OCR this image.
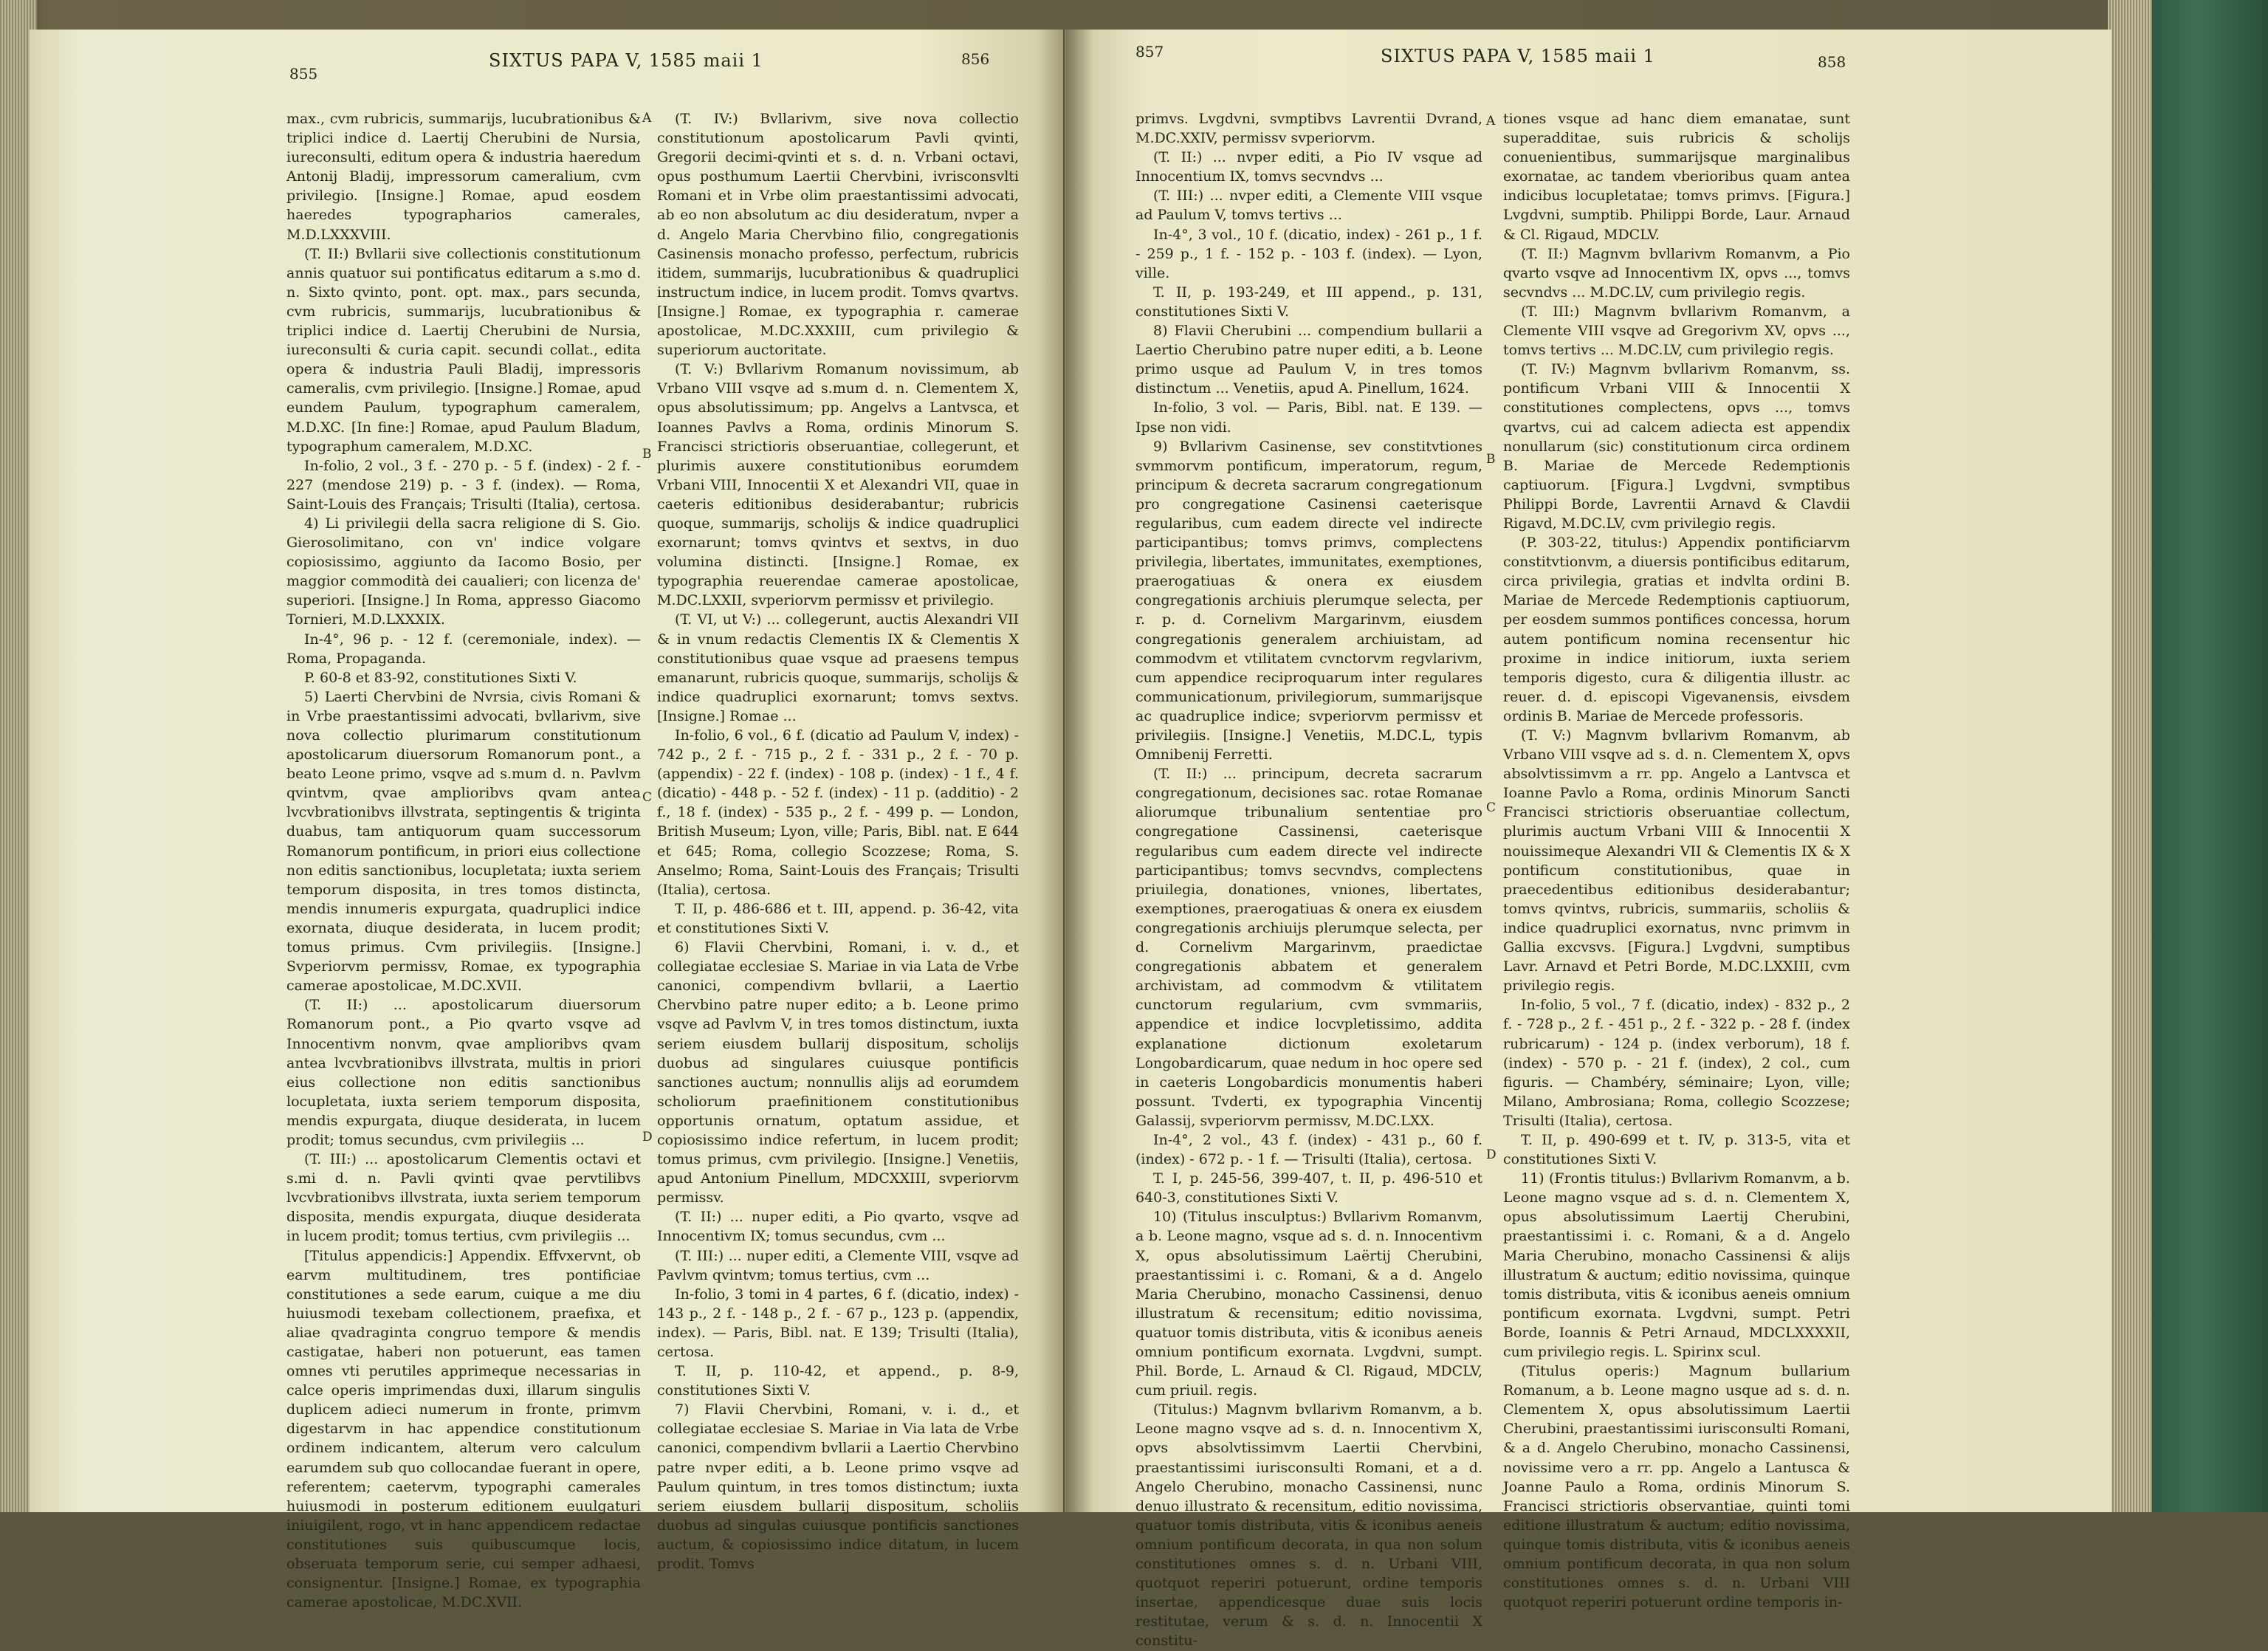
855
SIXTUS PAPA V, 1585 maii 1	856

max., cvm rubricis, summarijs, lucubrationibus & triplici indice d. Laertij Cherubini de Nursia, iureconsulti, editum opera & industria haeredum Antonij Bladij, impressorum cameralium, cvm privilegio. [Insigne.] Romae, apud eosdem haeredes typographarios camerales, M.D.LXXXVIII.

(T. II:) Bvllarii sive collectionis constitutionum annis quatuor sui pontificatus editarum a s.mo d. n. Sixto qvinto, pont. opt. max., pars secunda, cvm rubricis, summarijs, lucubrationibus & triplici indice d. Laertij Cherubini de Nursia, iureconsulti & curia capit. secundi collat., edita opera & industria Pauli Bladij, impressoris cameralis, cvm privilegio. [Insigne.] Romae, apud eundem Paulum, typographum cameralem, M.D.XC. [In fine:] Romae, apud Paulum Bladum, typographum cameralem, M.D.XC.

In-folio, 2 vol., 3 f. - 270 p. - 5 f. (index) - 2 f. - 227 (mendose 219) p. - 3 f. (index). — Roma, Saint-Louis des Français; Trisulti (Italia), certosa.

4) Li privilegii della sacra religione di S. Gio. Gierosolimitano, con vn' indice volgare copiosissimo, aggiunto da Iacomo Bosio, per maggior commodità dei caualieri; con licenza de' superiori. [Insigne.] In Roma, appresso Giacomo Tornieri, M.D.LXXXIX.

In-4°, 96 p. - 12 f. (ceremoniale, index). — Roma, Propaganda.

P. 60-8 et 83-92, constitutiones Sixti V.

5) Laerti Chervbini de Nvrsia, civis Romani & in Vrbe praestantissimi advocati, bvllarivm, sive nova collectio plurimarum constitutionum apostolicarum diuersorum Romanorum pont., a beato Leone primo, vsqve ad s.mum d. n. Pavlvm qvintvm, qvae amplioribvs qvam antea lvcvbrationibvs illvstrata, septingentis & triginta duabus, tam antiquorum quam successorum Romanorum pontificum, in priori eius collectione non editis sanctionibus, locupletata; iuxta seriem temporum disposita, in tres tomos distincta, mendis innumeris expurgata, quadruplici indice exornata, diuque desiderata, in lucem prodit; tomus primus. Cvm privilegiis. [Insigne.] Svperiorvm permissv, Romae, ex typographia camerae apostolicae, M.DC.XVII.

(T. II:) ... apostolicarum diuersorum Romanorum pont., a Pio qvarto vsqve ad Innocentivm nonvm, qvae amplioribvs qvam antea lvcvbrationibvs illvstrata, multis in priori eius collectione non editis sanctionibus locupletata, iuxta seriem temporum disposita, mendis expurgata, diuque desiderata, in lucem prodit; tomus secundus, cvm privilegiis ...

(T. III:) ... apostolicarum Clementis octavi et s.mi d. n. Pavli qvinti qvae pervtilibvs lvcvbrationibvs illvstrata, iuxta seriem temporum disposita, mendis expurgata, diuque desiderata in lucem prodit; tomus tertius, cvm privilegiis ...

[Titulus appendicis:] Appendix. Effvxervnt, ob earvm multitudinem, tres pontificiae constitutiones a sede earum, cuique a me diu huiusmodi texebam collectionem, praefixa, et aliae qvadraginta congruo tempore & mendis castigatae, haberi non potuerunt, eas tamen omnes vti perutiles apprimeque necessarias in calce operis imprimendas duxi, illarum singulis duplicem adieci numerum in fronte, primvm digestarvm in hac appendice constitutionum ordinem indicantem, alterum vero calculum earumdem sub quo collocandae fuerant in opere, referentem; caetervm, typographi camerales huiusmodi in posterum editionem euulgaturi iniuigilent, rogo, vt in hanc appendicem redactae constitutiones suis quibuscumque locis, obseruata temporum serie, cui semper adhaesi, consignentur. [Insigne.] Romae, ex typographia camerae apostolicae, M.DC.XVII.

(T. IV:) Bvllarivm, sive nova collectio constitutionum apostolicarum Pavli qvinti, Gregorii decimi-qvinti et s. d. n. Vrbani octavi, opus posthumum Laertii Chervbini, ivrisconsvlti Romani et in Vrbe olim praestantissimi advocati, ab eo non absolutum ac diu desideratum, nvper a d. Angelo Maria Chervbino filio, congregationis Casinensis monacho professo, perfectum, rubricis itidem, summarijs, lucubrationibus & quadruplici instructum indice, in lucem prodit. Tomvs qvartvs. [Insigne.] Romae, ex typographia r. camerae apostolicae, M.DC.XXXIII, cum privilegio & superiorum auctoritate.

(T. V:) Bvllarivm Romanum novissimum, ab Vrbano VIII vsqve ad s.mum d. n. Clementem X, opus absolutissimum; pp. Angelvs a Lantvsca, et Ioannes Pavlvs a Roma, ordinis Minorum S. Francisci strictioris obseruantiae, collegerunt, et plurimis auxere constitutionibus eorumdem Vrbani VIII, Innocentii X et Alexandri VII, quae in caeteris editionibus desiderabantur; rubricis quoque, summarijs, scholijs & indice quadruplici exornarunt; tomvs qvintvs et sextvs, in duo volumina distincti. [Insigne.] Romae, ex typographia reuerendae camerae apostolicae, M.DC.LXXII, svperiorvm permissv et privilegio.

(T. VI, ut V:) ... collegerunt, auctis Alexandri VII & in vnum redactis Clementis IX & Clementis X constitutionibus quae vsque ad praesens tempus emanarunt, rubricis quoque, summarijs, scholijs & indice quadruplici exornarunt; tomvs sextvs. [Insigne.] Romae ...

In-folio, 6 vol., 6 f. (dicatio ad Paulum V, index) - 742 p., 2 f. - 715 p., 2 f. - 331 p., 2 f. - 70 p. (appendix) - 22 f. (index) - 108 p. (index) - 1 f., 4 f. (dicatio) - 448 p. - 52 f. (index) - 11 p. (additio) - 2 f., 18 f. (index) - 535 p., 2 f. - 499 p. — London, British Museum; Lyon, ville; Paris, Bibl. nat. E 644 et 645; Roma, collegio Scozzese; Roma, S. Anselmo; Roma, Saint-Louis des Français; Trisulti (Italia), certosa.

T. II, p. 486-686 et t. III, append. p. 36-42, vita et constitutiones Sixti V.

6) Flavii Chervbini, Romani, i. v. d., et collegiatae ecclesiae S. Mariae in via Lata de Vrbe canonici, compendivm bvllarii, a Laertio Chervbino patre nuper edito; a b. Leone primo vsqve ad Pavlvm V, in tres tomos distinctum, iuxta seriem eiusdem bullarij dispositum, scholijs duobus ad singulares cuiusque pontificis sanctiones auctum; nonnullis alijs ad eorumdem scholiorum praefinitionem constitutionibus opportunis ornatum, optatum assidue, et copiosissimo indice refertum, in lucem prodit; tomus primus, cvm privilegio. [Insigne.] Venetiis, apud Antonium Pinellum, MDCXXIII, svperiorvm permissv.

(T. II:) ... nuper editi, a Pio qvarto, vsqve ad Innocentivm IX; tomus secundus, cvm ...

(T. III:) ... nuper editi, a Clemente VIII, vsqve ad Pavlvm qvintvm; tomus tertius, cvm ...

In-folio, 3 tomi in 4 partes, 6 f. (dicatio, index) - 143 p., 2 f. - 148 p., 2 f. - 67 p., 123 p. (appendix, index). — Paris, Bibl. nat. E 139; Trisulti (Italia), certosa.

T. II, p. 110-42, et append., p. 8-9, constitutiones Sixti V.

7) Flavii Chervbini, Romani, v. i. d., et collegiatae ecclesiae S. Mariae in Via lata de Vrbe canonici, compendivm bvllarii a Laertio Chervbino patre nvper editi, a b. Leone primo vsqve ad Paulum quintum, in tres tomos distinctum; iuxta seriem eiusdem bullarij dispositum, scholiis duobus ad singulas cuiusque pontificis sanctiones auctum, & copiosissimo indice ditatum, in lucem prodit. Tomvs

A
B
C
D
857	SIXTUS PAPA V, 1585 maii 1	858

primvs. Lvgdvni, svmptibvs Lavrentii Dvrand, M.DC.XXIV, permissv svperiorvm.

(T. II:) ... nvper editi, a Pio IV vsque ad Innocentium IX, tomvs secvndvs ...

(T. III:) ... nvper editi, a Clemente VIII vsque ad Paulum V, tomvs tertivs ...

In-4°, 3 vol., 10 f. (dicatio, index) - 261 p., 1 f. - 259 p., 1 f. - 152 p. - 103 f. (index). — Lyon, ville.

T. II, p. 193-249, et III append., p. 131, constitutiones Sixti V.

8) Flavii Cherubini ... compendium bullarii a Laertio Cherubino patre nuper editi, a b. Leone primo usque ad Paulum V, in tres tomos distinctum ... Venetiis, apud A. Pinellum, 1624.

In-folio, 3 vol. — Paris, Bibl. nat. E 139. — Ipse non vidi.

9) Bvllarivm Casinense, sev constitvtiones svmmorvm pontificum, imperatorum, regum, principum & decreta sacrarum congregationum pro congregatione Casinensi caeterisque regularibus, cum eadem directe vel indirecte participantibus; tomvs primvs, complectens privilegia, libertates, immunitates, exemptiones, praerogatiuas & onera ex eiusdem congregationis archiuis plerumque selecta, per r. p. d. Cornelivm Margarinvm, eiusdem congregationis generalem archiuistam, ad commodvm et vtilitatem cvnctorvm regvlarivm, cum appendice reciproquarum inter regulares communicationum, privilegiorum, summarijsque ac quadruplice indice; svperiorvm permissv et privilegiis. [Insigne.] Venetiis, M.DC.L, typis Omnibenij Ferretti.

(T. II:) ... principum, decreta sacrarum congregationum, decisiones sac. rotae Romanae aliorumque tribunalium sententiae pro congregatione Cassinensi, caeterisque regularibus cum eadem directe vel indirecte participantibus; tomvs secvndvs, complectens priuilegia, donationes, vniones, libertates, exemptiones, praerogatiuas & onera ex eiusdem congregationis archiuijs plerumque selecta, per d. Cornelivm Margarinvm, praedictae congregationis abbatem et generalem archivistam, ad commodvm & vtilitatem cunctorum regularium, cvm svmmariis, appendice et indice locvpletissimo, addita explanatione dictionum exoletarum Longobardicarum, quae nedum in hoc opere sed in caeteris Longobardicis monumentis haberi possunt. Tvderti, ex typographia Vincentij Galassij, svperiorvm permissv, M.DC.LXX.

In-4°, 2 vol., 43 f. (index) - 431 p., 60 f. (index) - 672 p. - 1 f. — Trisulti (Italia), certosa.

T. I, p. 245-56, 399-407, t. II, p. 496-510 et 640-3, constitutiones Sixti V.

10) (Titulus insculptus:) Bvllarivm Romanvm, a b. Leone magno, vsque ad s. d. n. Innocentivm X, opus absolutissimum Laërtij Cherubini, praestantissimi i. c. Romani, & a d. Angelo Maria Cherubino, monacho Cassinensi, denuo illustratum & recensitum; editio novissima, quatuor tomis distributa, vitis & iconibus aeneis omnium pontificum exornata. Lvgdvni, sumpt. Phil. Borde, L. Arnaud & Cl. Rigaud, MDCLV, cum priuil. regis.

(Titulus:) Magnvm bvllarivm Romanvm, a b. Leone magno vsqve ad s. d. n. Innocentivm X, opvs absolvtissimvm Laertii Chervbini, praestantissimi iurisconsulti Romani, et a d. Angelo Cherubino, monacho Cassinensi, nunc denuo illustrato & recensitum, editio novissima, quatuor tomis distributa, vitis & iconibus aeneis omnium pontificum decorata, in qua non solum constitutiones omnes s. d. n. Urbani VIII, quotquot reperiri potuerunt, ordine temporis insertae, appendicesque duae suis locis restitutae, verum & s. d. n. Innocentii X constitu-

tiones vsque ad hanc diem emanatae, sunt superadditae, suis rubricis & scholijs conuenientibus, summarijsque marginalibus exornatae, ac tandem vberioribus quam antea indicibus locupletatae; tomvs primvs. [Figura.] Lvgdvni, sumptib. Philippi Borde, Laur. Arnaud & Cl. Rigaud, MDCLV.

(T. II:) Magnvm bvllarivm Romanvm, a Pio qvarto vsqve ad Innocentivm IX, opvs ..., tomvs secvndvs ... M.DC.LV, cum privilegio regis.

(T. III:) Magnvm bvllarivm Romanvm, a Clemente VIII vsqve ad Gregorivm XV, opvs ..., tomvs tertivs ... M.DC.LV, cum privilegio regis.

(T. IV:) Magnvm bvllarivm Romanvm, ss. pontificum Vrbani VIII & Innocentii X constitutiones complectens, opvs ..., tomvs qvartvs, cui ad calcem adiecta est appendix nonullarum (sic) constitutionum circa ordinem B. Mariae de Mercede Redemptionis captiuorum. [Figura.] Lvgdvni, svmptibus Philippi Borde, Lavrentii Arnavd & Clavdii Rigavd, M.DC.LV, cvm privilegio regis.

(P. 303-22, titulus:) Appendix pontificiarvm constitvtionvm, a diuersis pontificibus editarum, circa privilegia, gratias et indvlta ordini B. Mariae de Mercede Redemptionis captiuorum, per eosdem summos pontifices concessa, horum autem pontificum nomina recensentur hic proxime in indice initiorum, iuxta seriem temporis digesto, cura & diligentia illustr. ac reuer. d. d. episcopi Vigevanensis, eivsdem ordinis B. Mariae de Mercede professoris.

(T. V:) Magnvm bvllarivm Romanvm, ab Vrbano VIII vsqve ad s. d. n. Clementem X, opvs absolvtissimvm a rr. pp. Angelo a Lantvsca et Ioanne Pavlo a Roma, ordinis Minorum Sancti Francisci strictioris obseruantiae collectum, plurimis auctum Vrbani VIII & Innocentii X nouissimeque Alexandri VII & Clementis IX & X pontificum constitutionibus, quae in praecedentibus editionibus desiderabantur; tomvs qvintvs, rubricis, summariis, scholiis & indice quadruplici exornatus, nvnc primvm in Gallia excvsvs. [Figura.] Lvgdvni, sumptibus Lavr. Arnavd et Petri Borde, M.DC.LXXIII, cvm privilegio regis.

In-folio, 5 vol., 7 f. (dicatio, index) - 832 p., 2 f. - 728 p., 2 f. - 451 p., 2 f. - 322 p. - 28 f. (index rubricarum) - 124 p. (index verborum), 18 f. (index) - 570 p. - 21 f. (index), 2 col., cum figuris. — Chambéry, séminaire; Lyon, ville; Milano, Ambrosiana; Roma, collegio Scozzese; Trisulti (Italia), certosa.

T. II, p. 490-699 et t. IV, p. 313-5, vita et constitutiones Sixti V.

11) (Frontis titulus:) Bvllarivm Romanvm, a b. Leone magno vsque ad s. d. n. Clementem X, opus absolutissimum Laertij Cherubini, praestantissimi i. c. Romani, & a d. Angelo Maria Cherubino, monacho Cassinensi & alijs illustratum & auctum; editio novissima, quinque tomis distributa, vitis & iconibus aeneis omnium pontificum exornata. Lvgdvni, sumpt. Petri Borde, Ioannis & Petri Arnaud, MDCLXXXXII, cum privilegio regis. L. Spirinx scul.

(Titulus operis:) Magnum bullarium Romanum, a b. Leone magno usque ad s. d. n. Clementem X, opus absolutissimum Laertii Cherubini, praestantissimi iurisconsulti Romani, & a d. Angelo Cherubino, monacho Cassinensi, novissime vero a rr. pp. Angelo a Lantusca & Joanne Paulo a Roma, ordinis Minorum S. Francisci strictioris observantiae, quinti tomi editione illustratum & auctum; editio novissima, quinque tomis distributa, vitis & iconibus aeneis omnium pontificum decorata, in qua non solum constitutiones omnes s. d. n. Urbani VIII quotquot reperiri potuerunt ordine temporis in-

A
B
C
D
